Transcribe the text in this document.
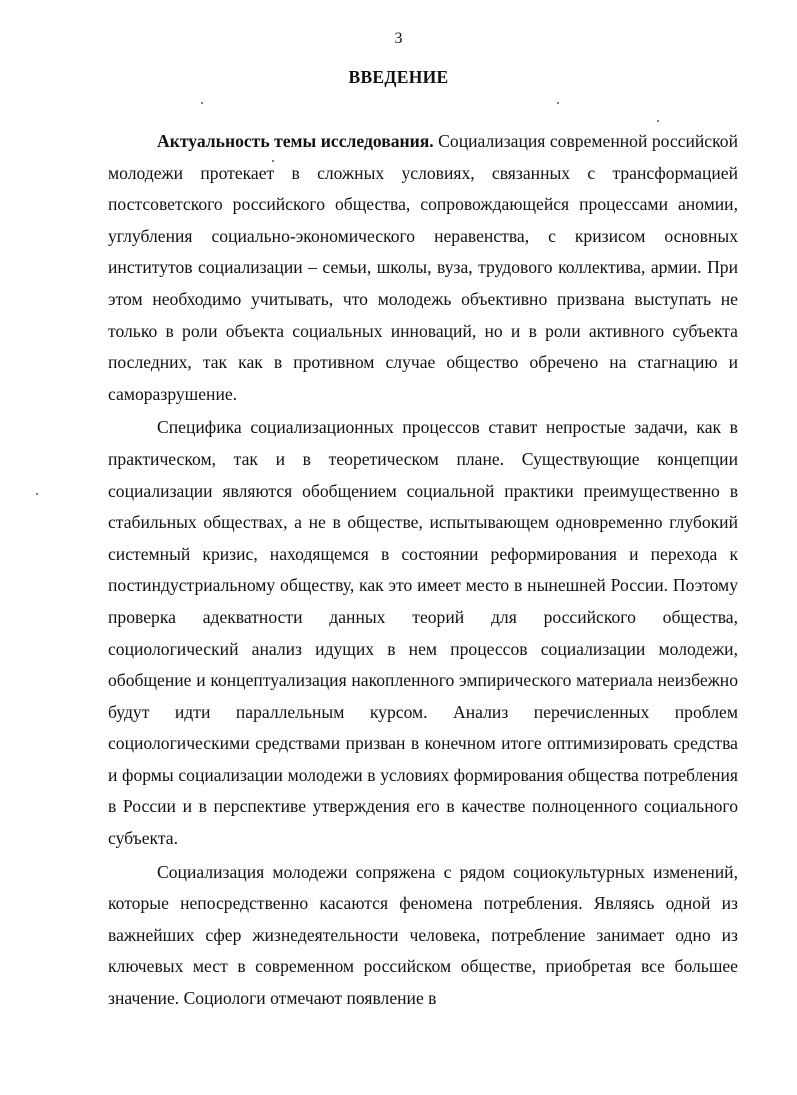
3
ВВЕДЕНИЕ

Актуальность темы исследования. Социализация современной российской молодежи протекает в сложных условиях, связанных с трансформацией постсоветского российского общества, сопровождающейся процессами аномии, углубления социально-экономического неравенства, с кризисом основных институтов социализации – семьи, школы, вуза, трудового коллектива, армии. При этом необходимо учитывать, что молодежь объективно призвана выступать не только в роли объекта социальных инноваций, но и в роли активного субъекта последних, так как в противном случае общество обречено на стагнацию и саморазрушение.

Специфика социализационных процессов ставит непростые задачи, как в практическом, так и в теоретическом плане. Существующие концепции социализации являются обобщением социальной практики преимущественно в стабильных обществах, а не в обществе, испытывающем одновременно глубокий системный кризис, находящемся в состоянии реформирования и перехода к постиндустриальному обществу, как это имеет место в нынешней России. Поэтому проверка адекватности данных теорий для российского общества, социологический анализ идущих в нем процессов социализации молодежи, обобщение и концептуализация накопленного эмпирического материала неизбежно будут идти параллельным курсом. Анализ перечисленных проблем социологическими средствами призван в конечном итоге оптимизировать средства и формы социализации молодежи в условиях формирования общества потребления в России и в перспективе утверждения его в качестве полноценного социального субъекта.

Социализация молодежи сопряжена с рядом социокультурных изменений, которые непосредственно касаются феномена потребления. Являясь одной из важнейших сфер жизнедеятельности человека, потребление занимает одно из ключевых мест в современном российском обществе, приобретая все большее значение. Социологи отмечают появление в
